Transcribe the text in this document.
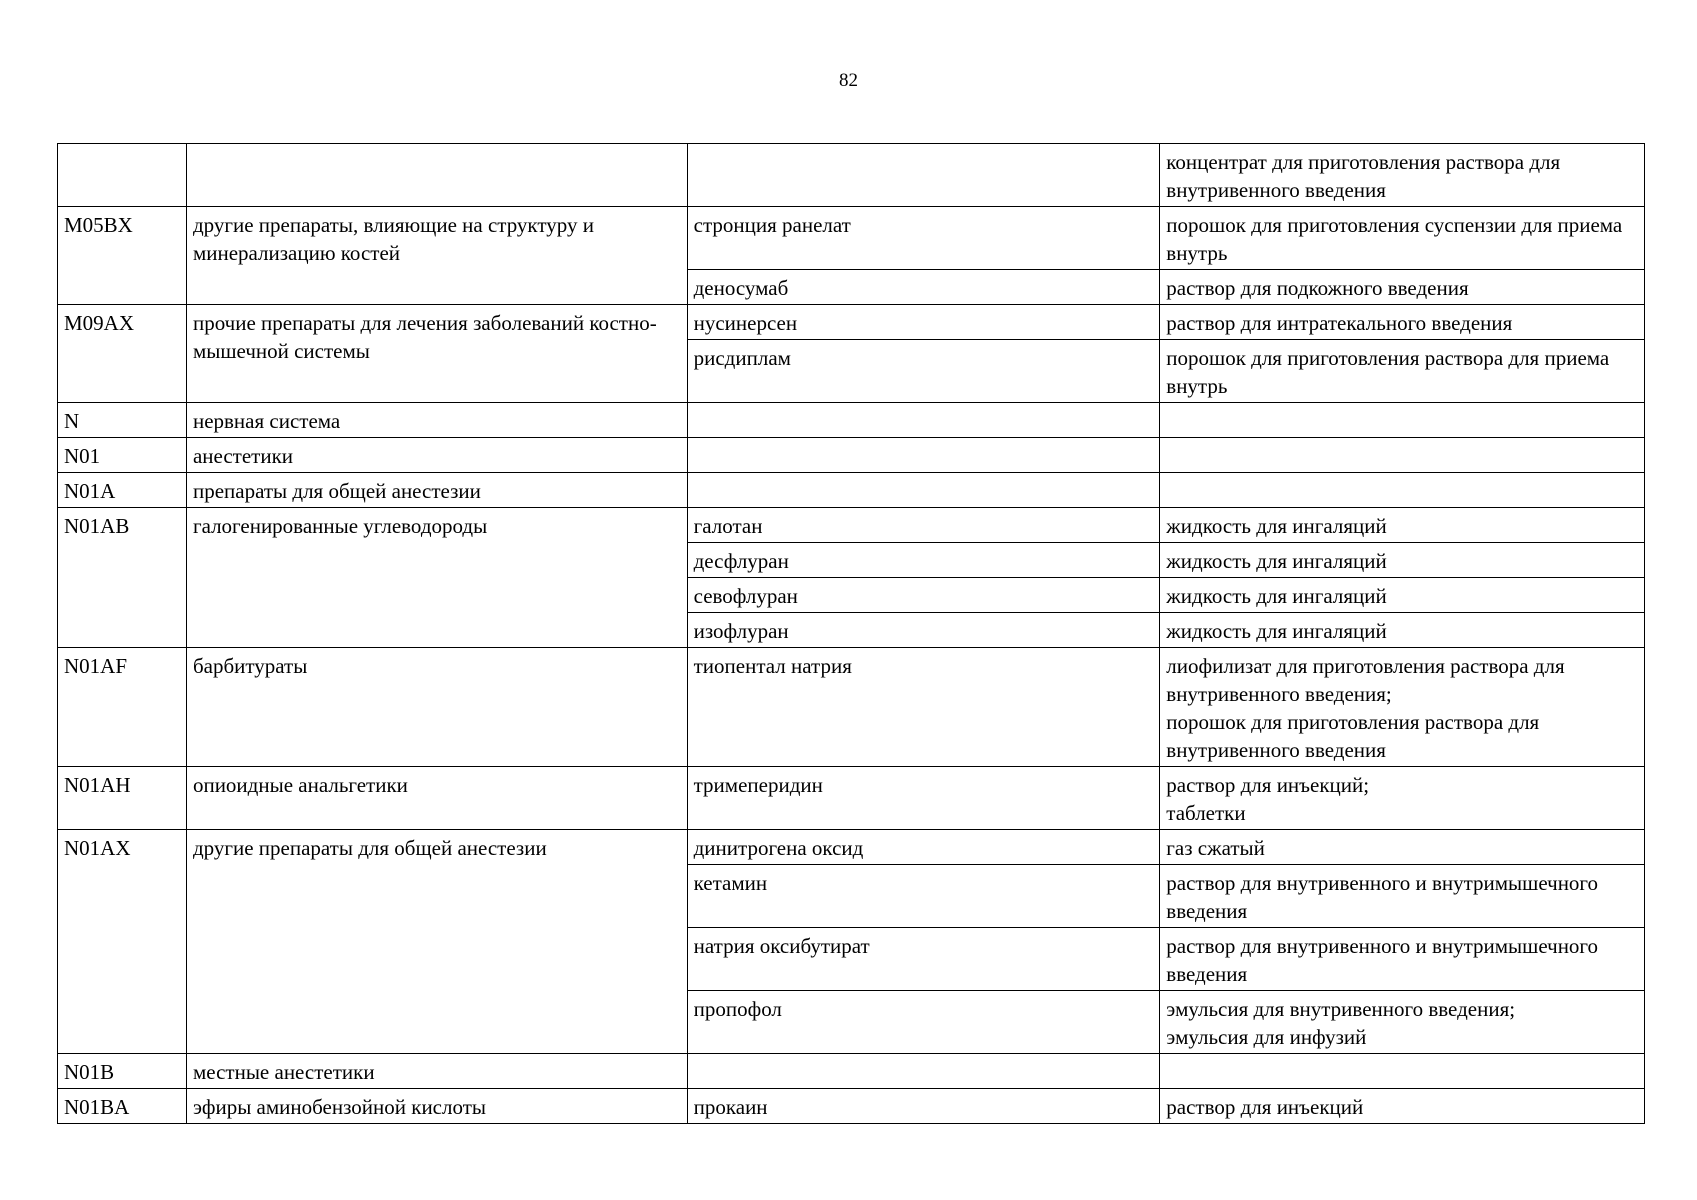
82
			концентрат для приготовления раствора для внутривенного введения
M05BX	другие препараты, влияющие на структуру и минерализацию костей	стронция ранелат	порошок для приготовления суспензии для приема внутрь
		деносумаб	раствор для подкожного введения
M09AX	прочие препараты для лечения заболеваний костно-мышечной системы	нусинерсен	раствор для интратекального введения
		рисдиплам	порошок для приготовления раствора для приема внутрь
N	нервная система		
N01	анестетики		
N01A	препараты для общей анестезии		
N01AB	галогенированные углеводороды	галотан	жидкость для ингаляций
		десфлуран	жидкость для ингаляций
		севофлуран	жидкость для ингаляций
		изофлуран	жидкость для ингаляций
N01AF	барбитураты	тиопентал натрия	лиофилизат для приготовления раствора для внутривенного введения;
порошок для приготовления раствора для внутривенного введения
N01AH	опиоидные анальгетики	тримеперидин	раствор для инъекций;
таблетки
N01AX	другие препараты для общей анестезии	динитрогена оксид	газ сжатый
		кетамин	раствор для внутривенного и внутримышечного введения
		натрия оксибутират	раствор для внутривенного и внутримышечного введения
		пропофол	эмульсия для внутривенного введения;
эмульсия для инфузий
N01B	местные анестетики		
N01BA	эфиры аминобензойной кислоты	прокаин	раствор для инъекций
